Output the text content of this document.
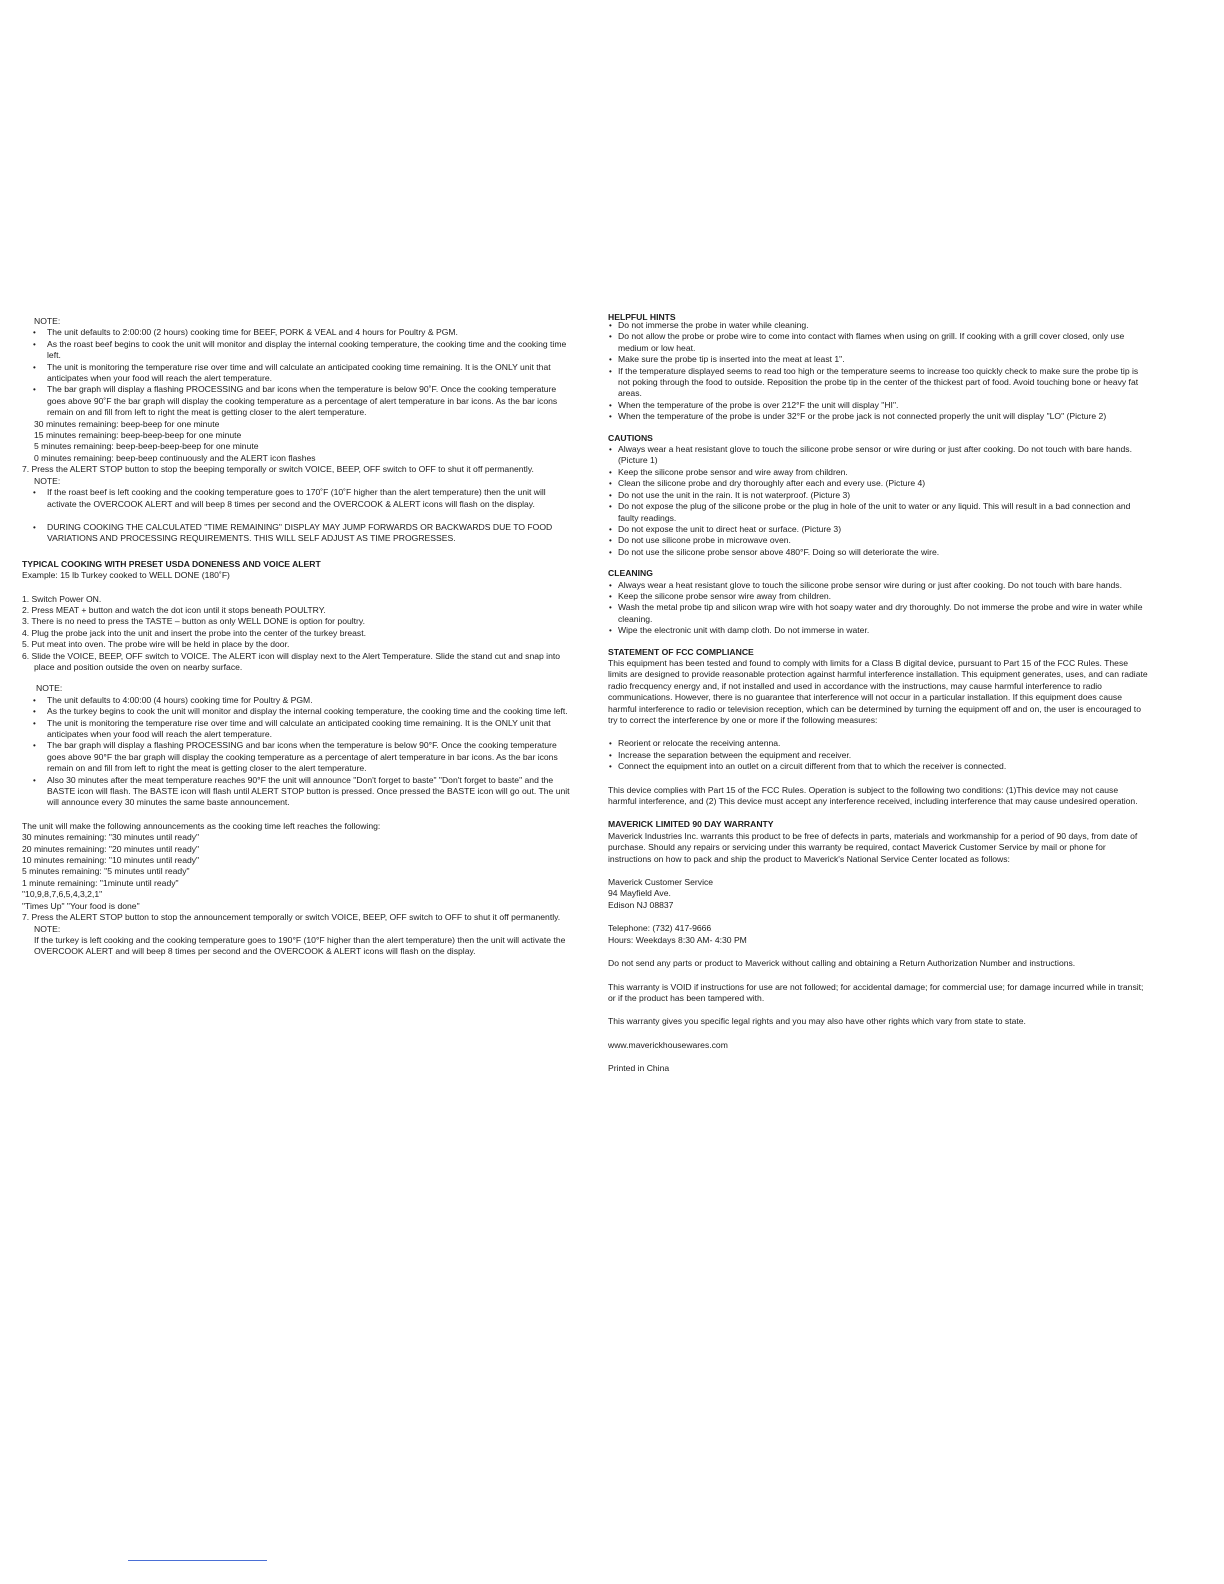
NOTE:

• The unit defaults to 2:00:00 (2 hours) cooking time for BEEF, PORK & VEAL and 4 hours for Poultry & PGM.
• As the roast beef begins to cook the unit will monitor and display the internal cooking temperature, the cooking time and the cooking time left.
• The unit is monitoring the temperature rise over time and will calculate an anticipated cooking time remaining. It is the ONLY unit that anticipates when your food will reach the alert temperature.
• The bar graph will display a flashing PROCESSING and bar icons when the temperature is below 90˚F. Once the cooking temperature goes above 90˚F the bar graph will display the cooking temperature as a percentage of alert temperature in bar icons. As the bar icons remain on and fill from left to right the meat is getting closer to the alert temperature.

30 minutes remaining: beep-beep for one minute

15 minutes remaining: beep-beep-beep for one minute

5 minutes remaining: beep-beep-beep-beep for one minute

0 minutes remaining: beep-beep continuously and the ALERT icon flashes

7. Press the ALERT STOP button to stop the beeping temporally or switch VOICE, BEEP, OFF switch to OFF to shut it off permanently.

NOTE:

• If the roast beef is left cooking and the cooking temperature goes to 170˚F (10˚F higher than the alert temperature) then the unit will activate the OVERCOOK ALERT and will beep 8 times per second and the OVERCOOK & ALERT icons will flash on the display.
• DURING COOKING THE CALCULATED "TIME REMAINING" DISPLAY MAY JUMP FORWARDS OR BACKWARDS DUE TO FOOD VARIATIONS AND PROCESSING REQUIREMENTS. THIS WILL SELF ADJUST AS TIME PROGRESSES.

TYPICAL COOKING WITH PRESET USDA DONENESS AND VOICE ALERT

Example: 15 lb Turkey cooked to WELL DONE (180˚F)

1. Switch Power ON.

2. Press MEAT + button and watch the dot icon until it stops beneath POULTRY.

3. There is no need to press the TASTE – button as only WELL DONE is option for poultry.

4. Plug the probe jack into the unit and insert the probe into the center of the turkey breast.

5. Put meat into oven. The probe wire will be held in place by the door.

6. Slide the VOICE, BEEP, OFF switch to VOICE. The ALERT icon will display next to the Alert Temperature. Slide the stand cut and snap into place and position outside the oven on nearby surface.

NOTE:

• The unit defaults to 4:00:00 (4 hours) cooking time for Poultry & PGM.
• As the turkey begins to cook the unit will monitor and display the internal cooking temperature, the cooking time and the cooking time left.
• The unit is monitoring the temperature rise over time and will calculate an anticipated cooking time remaining. It is the ONLY unit that anticipates when your food will reach the alert temperature.
• The bar graph will display a flashing PROCESSING and bar icons when the temperature is below 90°F. Once the cooking temperature goes above 90°F the bar graph will display the cooking temperature as a percentage of alert temperature in bar icons. As the bar icons remain on and fill from left to right the meat is getting closer to the alert temperature.
• Also 30 minutes after the meat temperature reaches 90°F the unit will announce "Don't forget to baste" "Don't forget to baste" and the BASTE icon will flash. The BASTE icon will flash until ALERT STOP button is pressed. Once pressed the BASTE icon will go out. The unit will announce every 30 minutes the same baste announcement.

The unit will make the following announcements as the cooking time left reaches the following:

30 minutes remaining: "30 minutes until ready"

20 minutes remaining: "20 minutes until ready"

10 minutes remaining: "10 minutes until ready"

5 minutes remaining: "5 minutes until ready"

1 minute remaining: "1minute until ready"

"10,9,8,7,6,5,4,3,2,1"

"Times Up" "Your food is done"

7. Press the ALERT STOP button to stop the announcement temporally or switch VOICE, BEEP, OFF switch to OFF to shut it off permanently.

NOTE:

If the turkey is left cooking and the cooking temperature goes to 190°F (10°F higher than the alert temperature) then the unit will activate the OVERCOOK ALERT and will beep 8 times per second and the OVERCOOK & ALERT icons will flash on the display.

HELPFUL HINTS

• Do not immerse the probe in water while cleaning.
• Do not allow the probe or probe wire to come into contact with flames when using on grill. If cooking with a grill cover closed, only use medium or low heat.
• Make sure the probe tip is inserted into the meat at least 1".
• If the temperature displayed seems to read too high or the temperature seems to increase too quickly check to make sure the probe tip is not poking through the food to outside. Reposition the probe tip in the center of the thickest part of food. Avoid touching bone or heavy fat areas.
• When the temperature of the probe is over 212°F the unit will display "HI".
• When the temperature of the probe is under 32°F or the probe jack is not connected properly the unit will display "LO" (Picture 2)

CAUTIONS

• Always wear a heat resistant glove to touch the silicone probe sensor or wire during or just after cooking. Do not touch with bare hands. (Picture 1)
• Keep the silicone probe sensor and wire away from children.
• Clean the silicone probe and dry thoroughly after each and every use. (Picture 4)
• Do not use the unit in the rain. It is not waterproof. (Picture 3)
• Do not expose the plug of the silicone probe or the plug in hole of the unit to water or any liquid. This will result in a bad connection and faulty readings.
• Do not expose the unit to direct heat or surface. (Picture 3)
• Do not use silicone probe in microwave oven.
• Do not use the silicone probe sensor above 480°F. Doing so will deteriorate the wire.

CLEANING

• Always wear a heat resistant glove to touch the silicone probe sensor wire during or just after cooking. Do not touch with bare hands.
• Keep the silicone probe sensor wire away from children.
• Wash the metal probe tip and silicon wrap wire with hot soapy water and dry thoroughly. Do not immerse the probe and wire in water while cleaning.
• Wipe the electronic unit with damp cloth. Do not immerse in water.

STATEMENT OF FCC COMPLIANCE

This equipment has been tested and found to comply with limits for a Class B digital device, pursuant to Part 15 of the FCC Rules. These limits are designed to provide reasonable protection against harmful interference installation. This equipment generates, uses, and can radiate radio frecquency energy and, if not installed and used in accordance with the instructions, may cause harmful interference to radio communications. However, there is no guarantee that interference will not occur in a particular installation. If this equipment does cause harmful interference to radio or television reception, which can be determined by turning the equipment off and on, the user is encouraged to try to correct the interference by one or more if the following measures:

• Reorient or relocate the receiving antenna.
• Increase the separation between the equipment and receiver.
• Connect the equipment into an outlet on a circuit different from that to which the receiver is connected.

This device complies with Part 15 of the FCC Rules. Operation is subject to the following two conditions: (1)This device may not cause harmful interference, and (2) This device must accept any interference received, including interference that may cause undesired operation.

MAVERICK LIMITED 90 DAY WARRANTY

Maverick Industries Inc. warrants this product to be free of defects in parts, materials and workmanship for a period of 90 days, from date of purchase. Should any repairs or servicing under this warranty be required, contact Maverick Customer Service by mail or phone for instructions on how to pack and ship the product to Maverick's National Service Center located as follows:

Maverick Customer Service

94 Mayfield Ave.

Edison NJ 08837

Telephone: (732) 417-9666

Hours: Weekdays 8:30 AM- 4:30 PM

Do not send any parts or product to Maverick without calling and obtaining a Return Authorization Number and instructions.

This warranty is VOID if instructions for use are not followed; for accidental damage; for commercial use; for damage incurred while in transit; or if the product has been tampered with.

This warranty gives you specific legal rights and you may also have other rights which vary from state to state.

www.maverickhousewares.com

Printed in China
